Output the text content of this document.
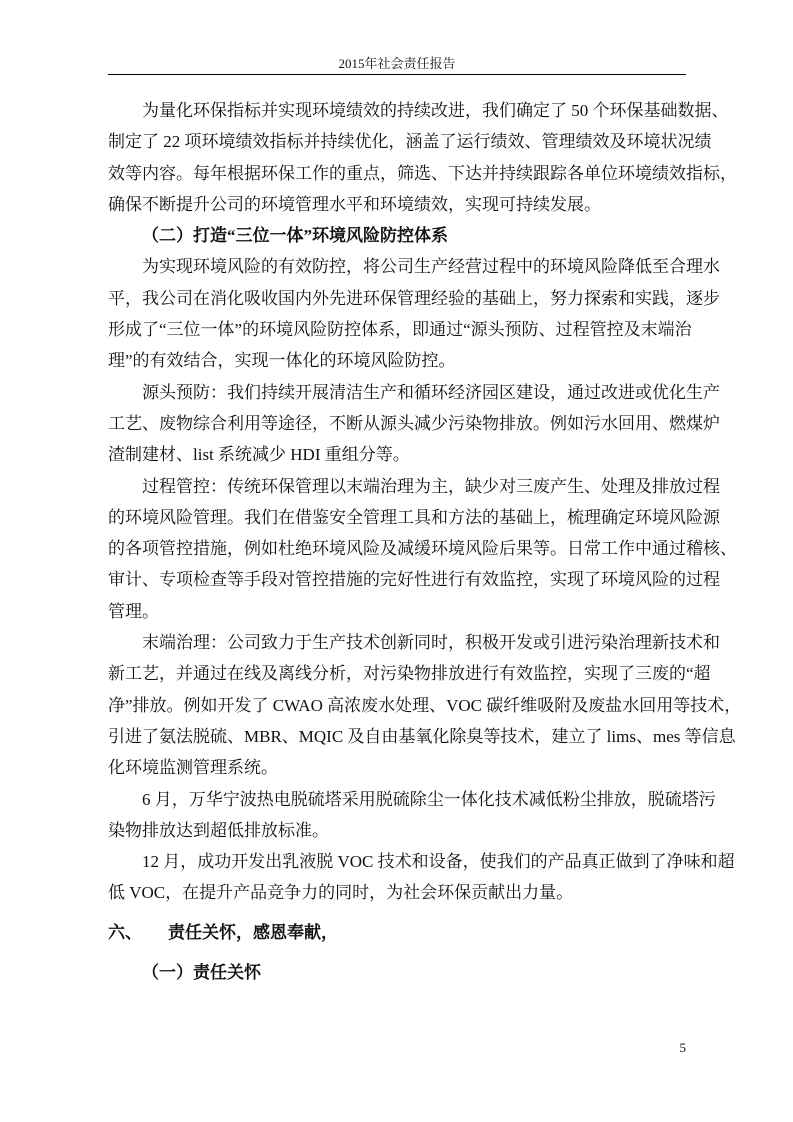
2015年社会责任报告
为量化环保指标并实现环境绩效的持续改进，我们确定了 50 个环保基础数据、
制定了 22 项环境绩效指标并持续优化，涵盖了运行绩效、管理绩效及环境状况绩
效等内容。每年根据环保工作的重点，筛选、下达并持续跟踪各单位环境绩效指标，
确保不断提升公司的环境管理水平和环境绩效，实现可持续发展。
（二）打造“三位一体”环境风险防控体系
为实现环境风险的有效防控，将公司生产经营过程中的环境风险降低至合理水
平，我公司在消化吸收国内外先进环保管理经验的基础上，努力探索和实践，逐步
形成了“三位一体”的环境风险防控体系，即通过“源头预防、过程管控及末端治
理”的有效结合，实现一体化的环境风险防控。
源头预防：我们持续开展清洁生产和循环经济园区建设，通过改进或优化生产
工艺、废物综合利用等途径，不断从源头减少污染物排放。例如污水回用、燃煤炉
渣制建材、list 系统减少 HDI 重组分等。
过程管控：传统环保管理以末端治理为主，缺少对三废产生、处理及排放过程
的环境风险管理。我们在借鉴安全管理工具和方法的基础上，梳理确定环境风险源
的各项管控措施，例如杜绝环境风险及减缓环境风险后果等。日常工作中通过稽核、
审计、专项检查等手段对管控措施的完好性进行有效监控，实现了环境风险的过程
管理。
末端治理：公司致力于生产技术创新同时，积极开发或引进污染治理新技术和
新工艺，并通过在线及离线分析，对污染物排放进行有效监控，实现了三废的“超
净”排放。例如开发了 CWAO 高浓废水处理、VOC 碳纤维吸附及废盐水回用等技术，
引进了氨法脱硫、MBR、MQIC 及自由基氧化除臭等技术，建立了 lims、mes 等信息
化环境监测管理系统。
6 月，万华宁波热电脱硫塔采用脱硫除尘一体化技术减低粉尘排放，脱硫塔污
染物排放达到超低排放标准。
12 月，成功开发出乳液脱 VOC 技术和设备，使我们的产品真正做到了净味和超
低 VOC，在提升产品竞争力的同时，为社会环保贡献出力量。
六、 责任关怀，感恩奉献，
（一）责任关怀
5
